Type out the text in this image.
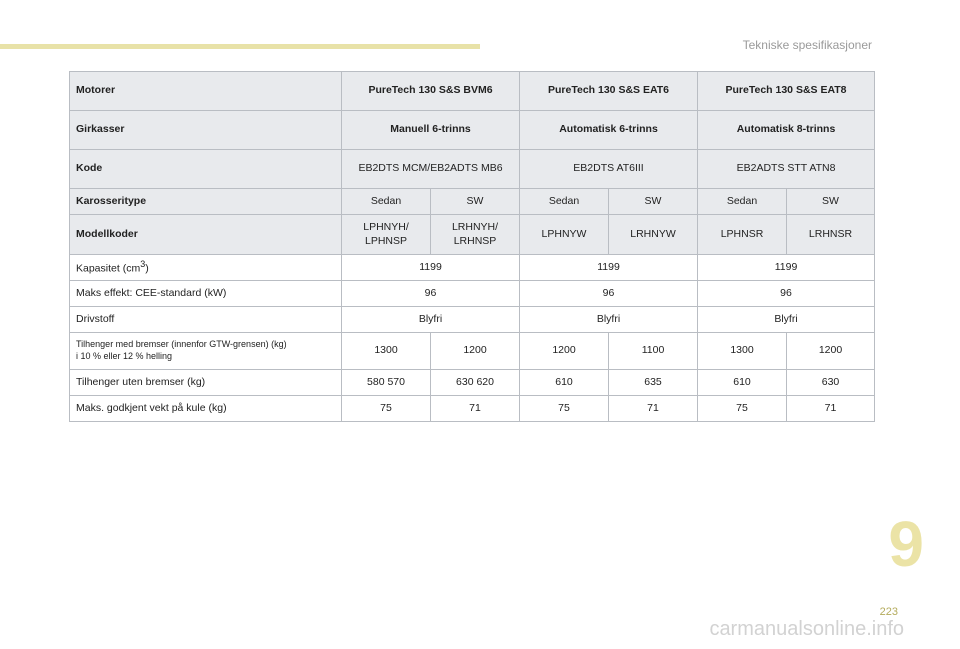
Tekniske spesifikasjoner
Motorer	PureTech 130 S&S BVM6		PureTech 130 S&S EAT6		PureTech 130 S&S EAT8	
Girkasser	Manuell 6-trinns		Automatisk 6-trinns		Automatisk 8-trinns	
Kode	EB2DTS MCM/EB2ADTS MB6		EB2DTS AT6III		EB2ADTS STT ATN8	
Karosseritype	Sedan	SW	Sedan	SW	Sedan	SW
Modellkoder	LPHNYH/ LPHNSP	LRHNYH/ LRHNSP	LPHNYW	LRHNYW	LPHNSR	LRHNSR
Kapasitet $(cm^3)$	1199		1199		1199	
Maks effekt: CEE-standard (kW)	96		96		96	
Drivstoff	Blyfri		Blyfri		Blyfri	
Tilhenger med bremser (innenfor GTW-grensen) (kg)
i 10 % eller 12 % helling	1300	1200	1200	1100	1300	1200
Tilhenger uten bremser (kg)	580 570	630 620	610	635	610	630
Maks. godkjent vekt på kule (kg)	75	71	75	71	75	71
9
223
carmanualsonline.info
